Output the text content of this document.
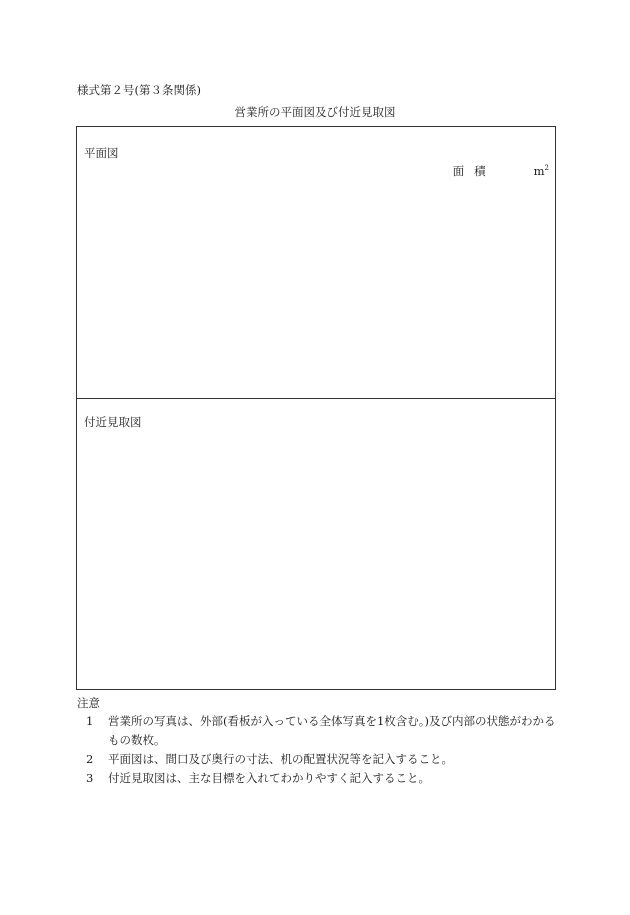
様式第２号(第３条関係)
営業所の平面図及び付近見取図
平面図
面積	$m^2$
付近見取図
注意
1	営業所の写真は、外部(看板が入っている全体写真を1枚含む。)及び内部の状態がわかるもの数枚。
2	平面図は、間口及び奥行の寸法、机の配置状況等を記入すること。
3	付近見取図は、主な目標を入れてわかりやすく記入すること。
